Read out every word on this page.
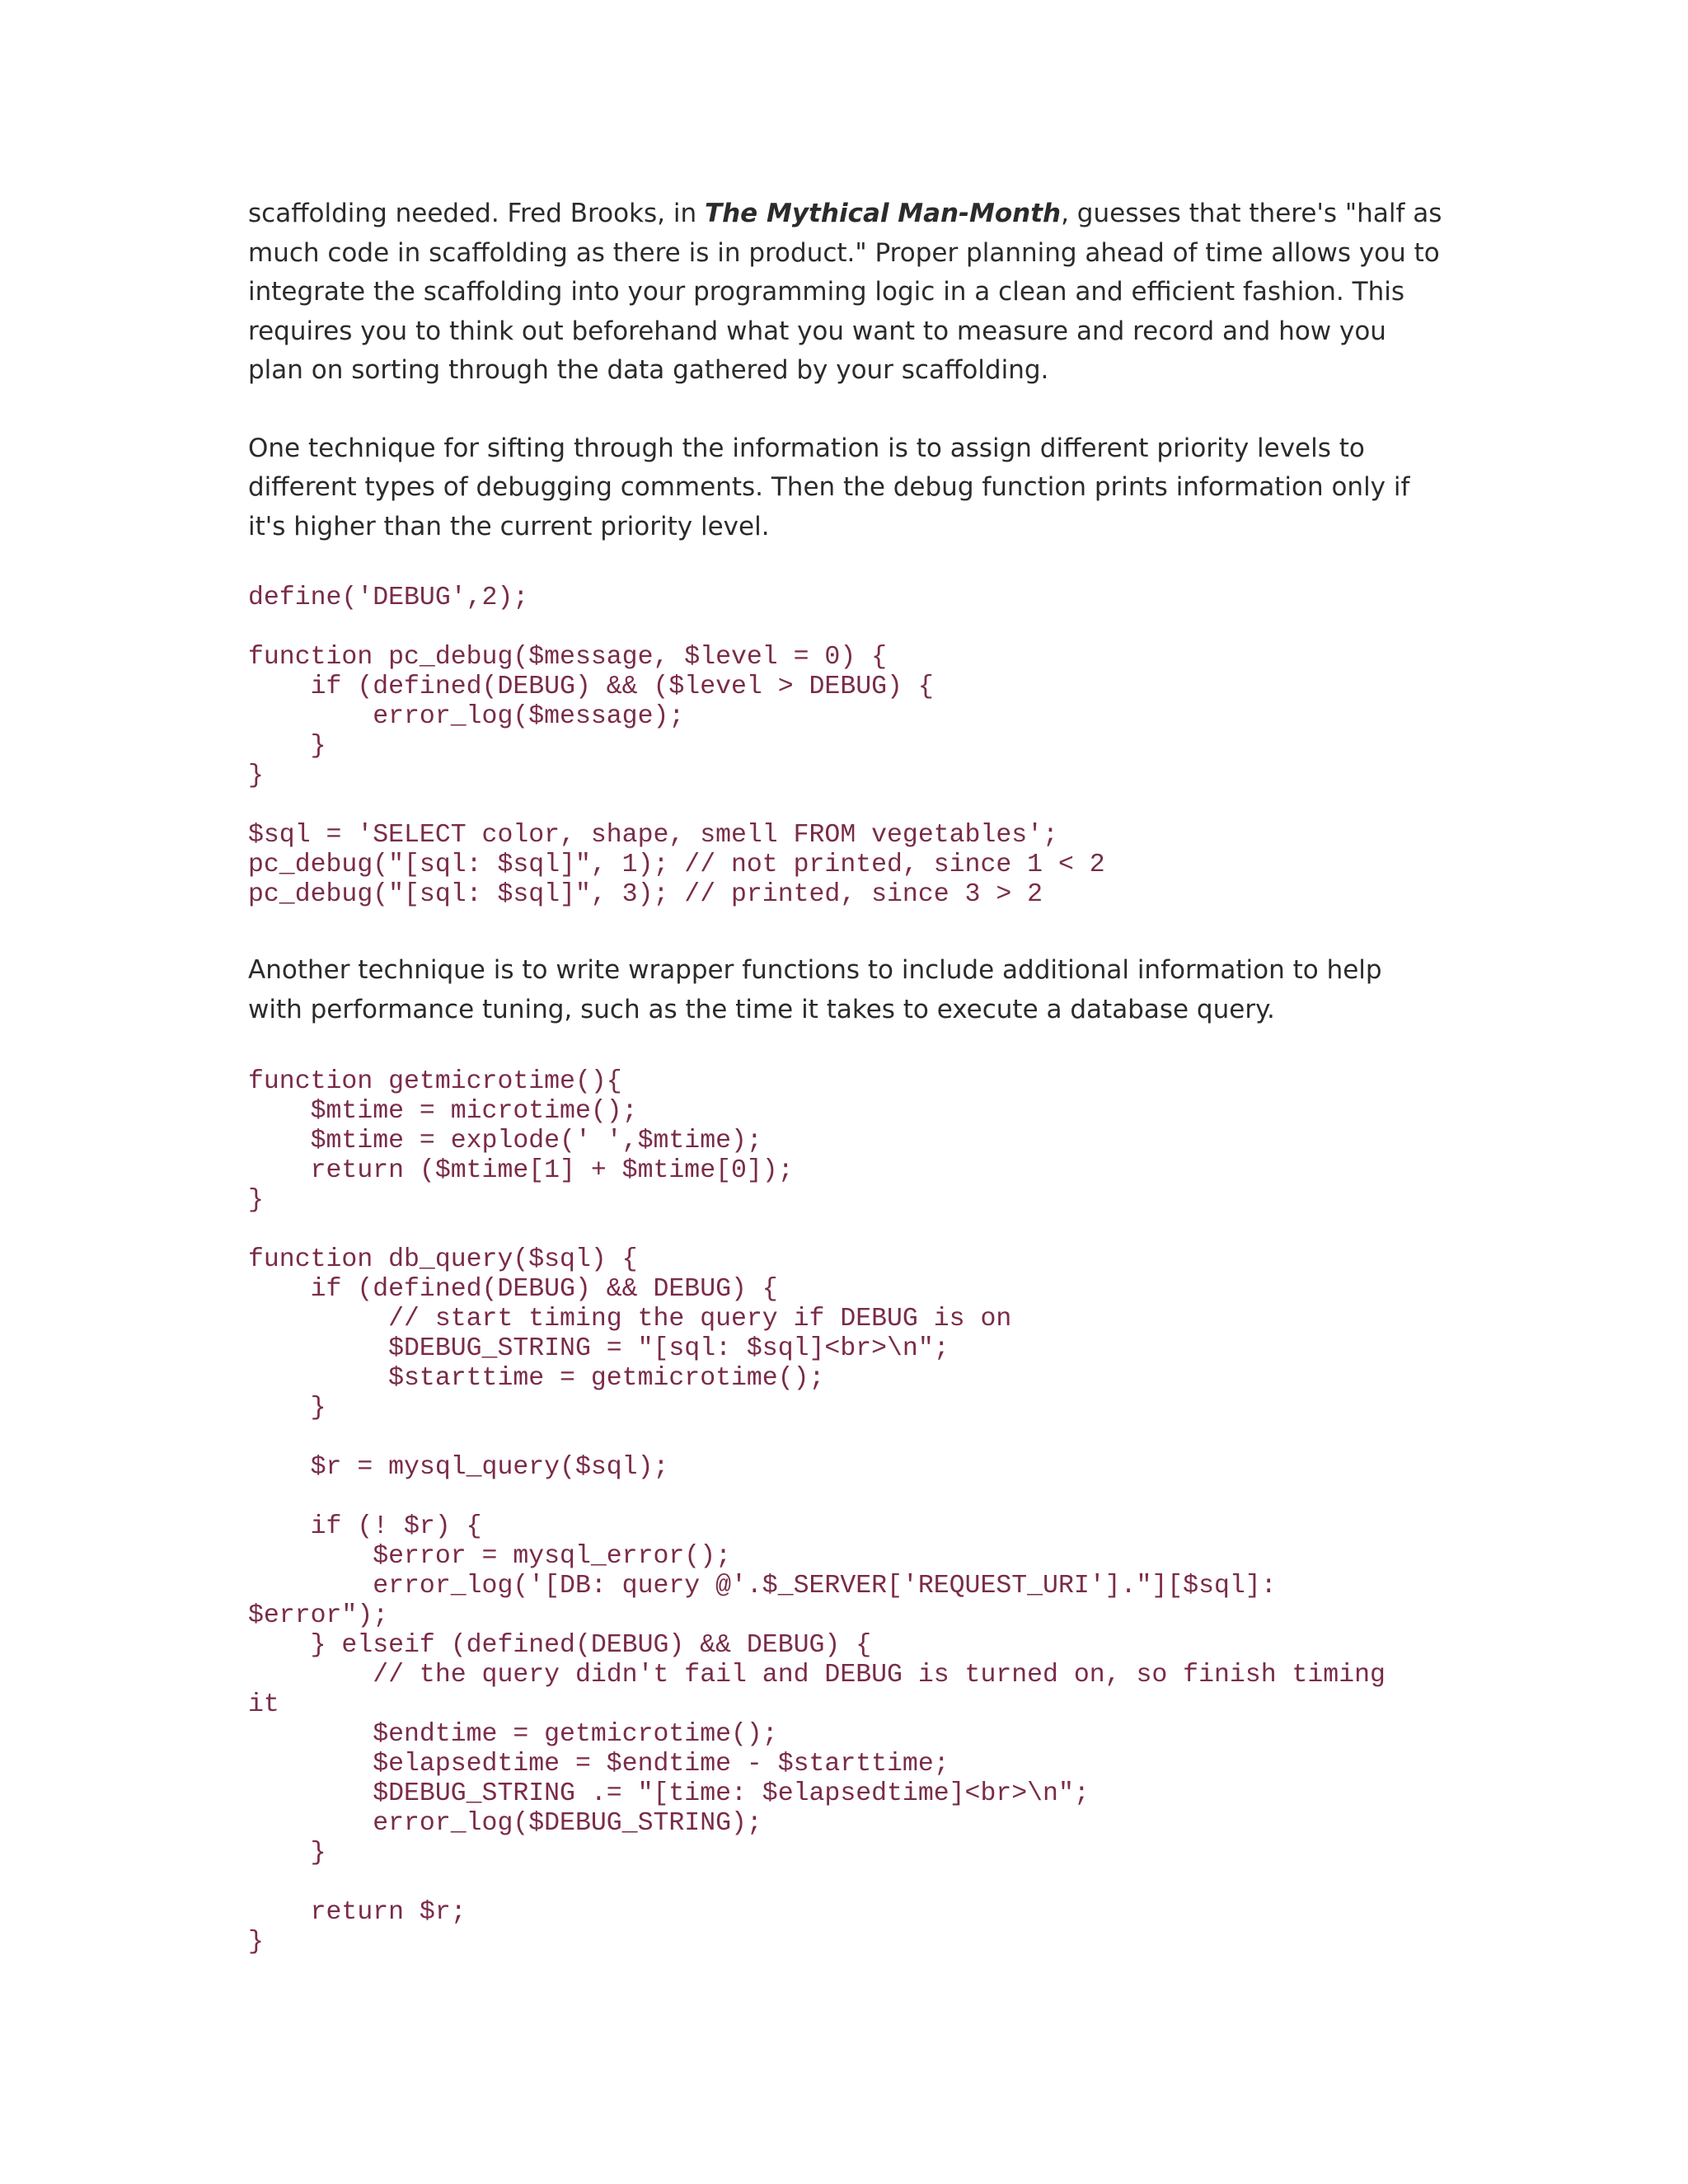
scaffolding needed. Fred Brooks, in The Mythical Man-Month, guesses that there's "half as much code in scaffolding as there is in product." Proper planning ahead of time allows you to integrate the scaffolding into your programming logic in a clean and efficient fashion. This requires you to think out beforehand what you want to measure and record and how you plan on sorting through the data gathered by your scaffolding.

One technique for sifting through the information is to assign different priority levels to different types of debugging comments. Then the debug function prints information only if it's higher than the current priority level.

define('DEBUG',2);

function pc_debug($message, $level = 0) {
if (defined(DEBUG) && ($level > DEBUG) {
error_log($message);
}
}

$sql = 'SELECT color, shape, smell FROM vegetables';
pc_debug("[sql: $sql]", 1); // not printed, since 1 < 2
pc_debug("[sql: $sql]", 3); // printed, since 3 > 2

Another technique is to write wrapper functions to include additional information to help with performance tuning, such as the time it takes to execute a database query.

function getmicrotime(){
$mtime = microtime();
$mtime = explode(' ',$mtime);
return ($mtime[1] + $mtime[0]);
}

function db_query($sql) {
if (defined(DEBUG) && DEBUG) {
// start timing the query if DEBUG is on
$DEBUG_STRING = "[sql: $sql]<br>\n";
$starttime = getmicrotime();
}

$r = mysql_query($sql);

if (! $r) {
$error = mysql_error();
error_log('[DB: query @'.$_SERVER['REQUEST_URI']."][$sql]:
$error");
} elseif (defined(DEBUG) && DEBUG) {
// the query didn't fail and DEBUG is turned on, so finish timing
it
$endtime = getmicrotime();
$elapsedtime = $endtime - $starttime;
$DEBUG_STRING .= "[time: $elapsedtime]<br>\n";
error_log($DEBUG_STRING);
}

return $r;
}
